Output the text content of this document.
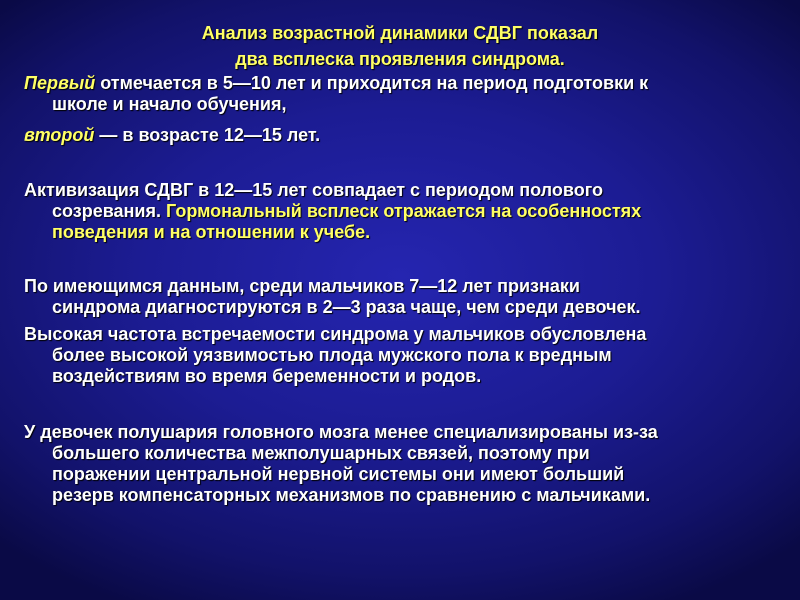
Анализ возрастной динамики СДВГ показал
два всплеска проявления синдрома.
Первый отмечается в 5—10 лет и приходится на период подготовки к
школе и начало обучения,
второй — в возрасте 12—15 лет.
Активизация СДВГ в 12—15 лет совпадает с периодом полового
созревания. Гормональный всплеск отражается на особенностях
поведения и на отношении к учебе.
По имеющимся данным, среди мальчиков 7—12 лет признаки
синдрома диагностируются в 2—3 раза чаще, чем среди девочек.
Высокая частота встречаемости синдрома у мальчиков обусловлена
более высокой уязвимостью плода мужского пола к вредным
воздействиям во время беременности и родов.
У девочек полушария головного мозга менее специализированы из-за
большего количества межполушарных связей, поэтому при
поражении центральной нервной системы они имеют больший
резерв компенсаторных механизмов по сравнению с мальчиками.
